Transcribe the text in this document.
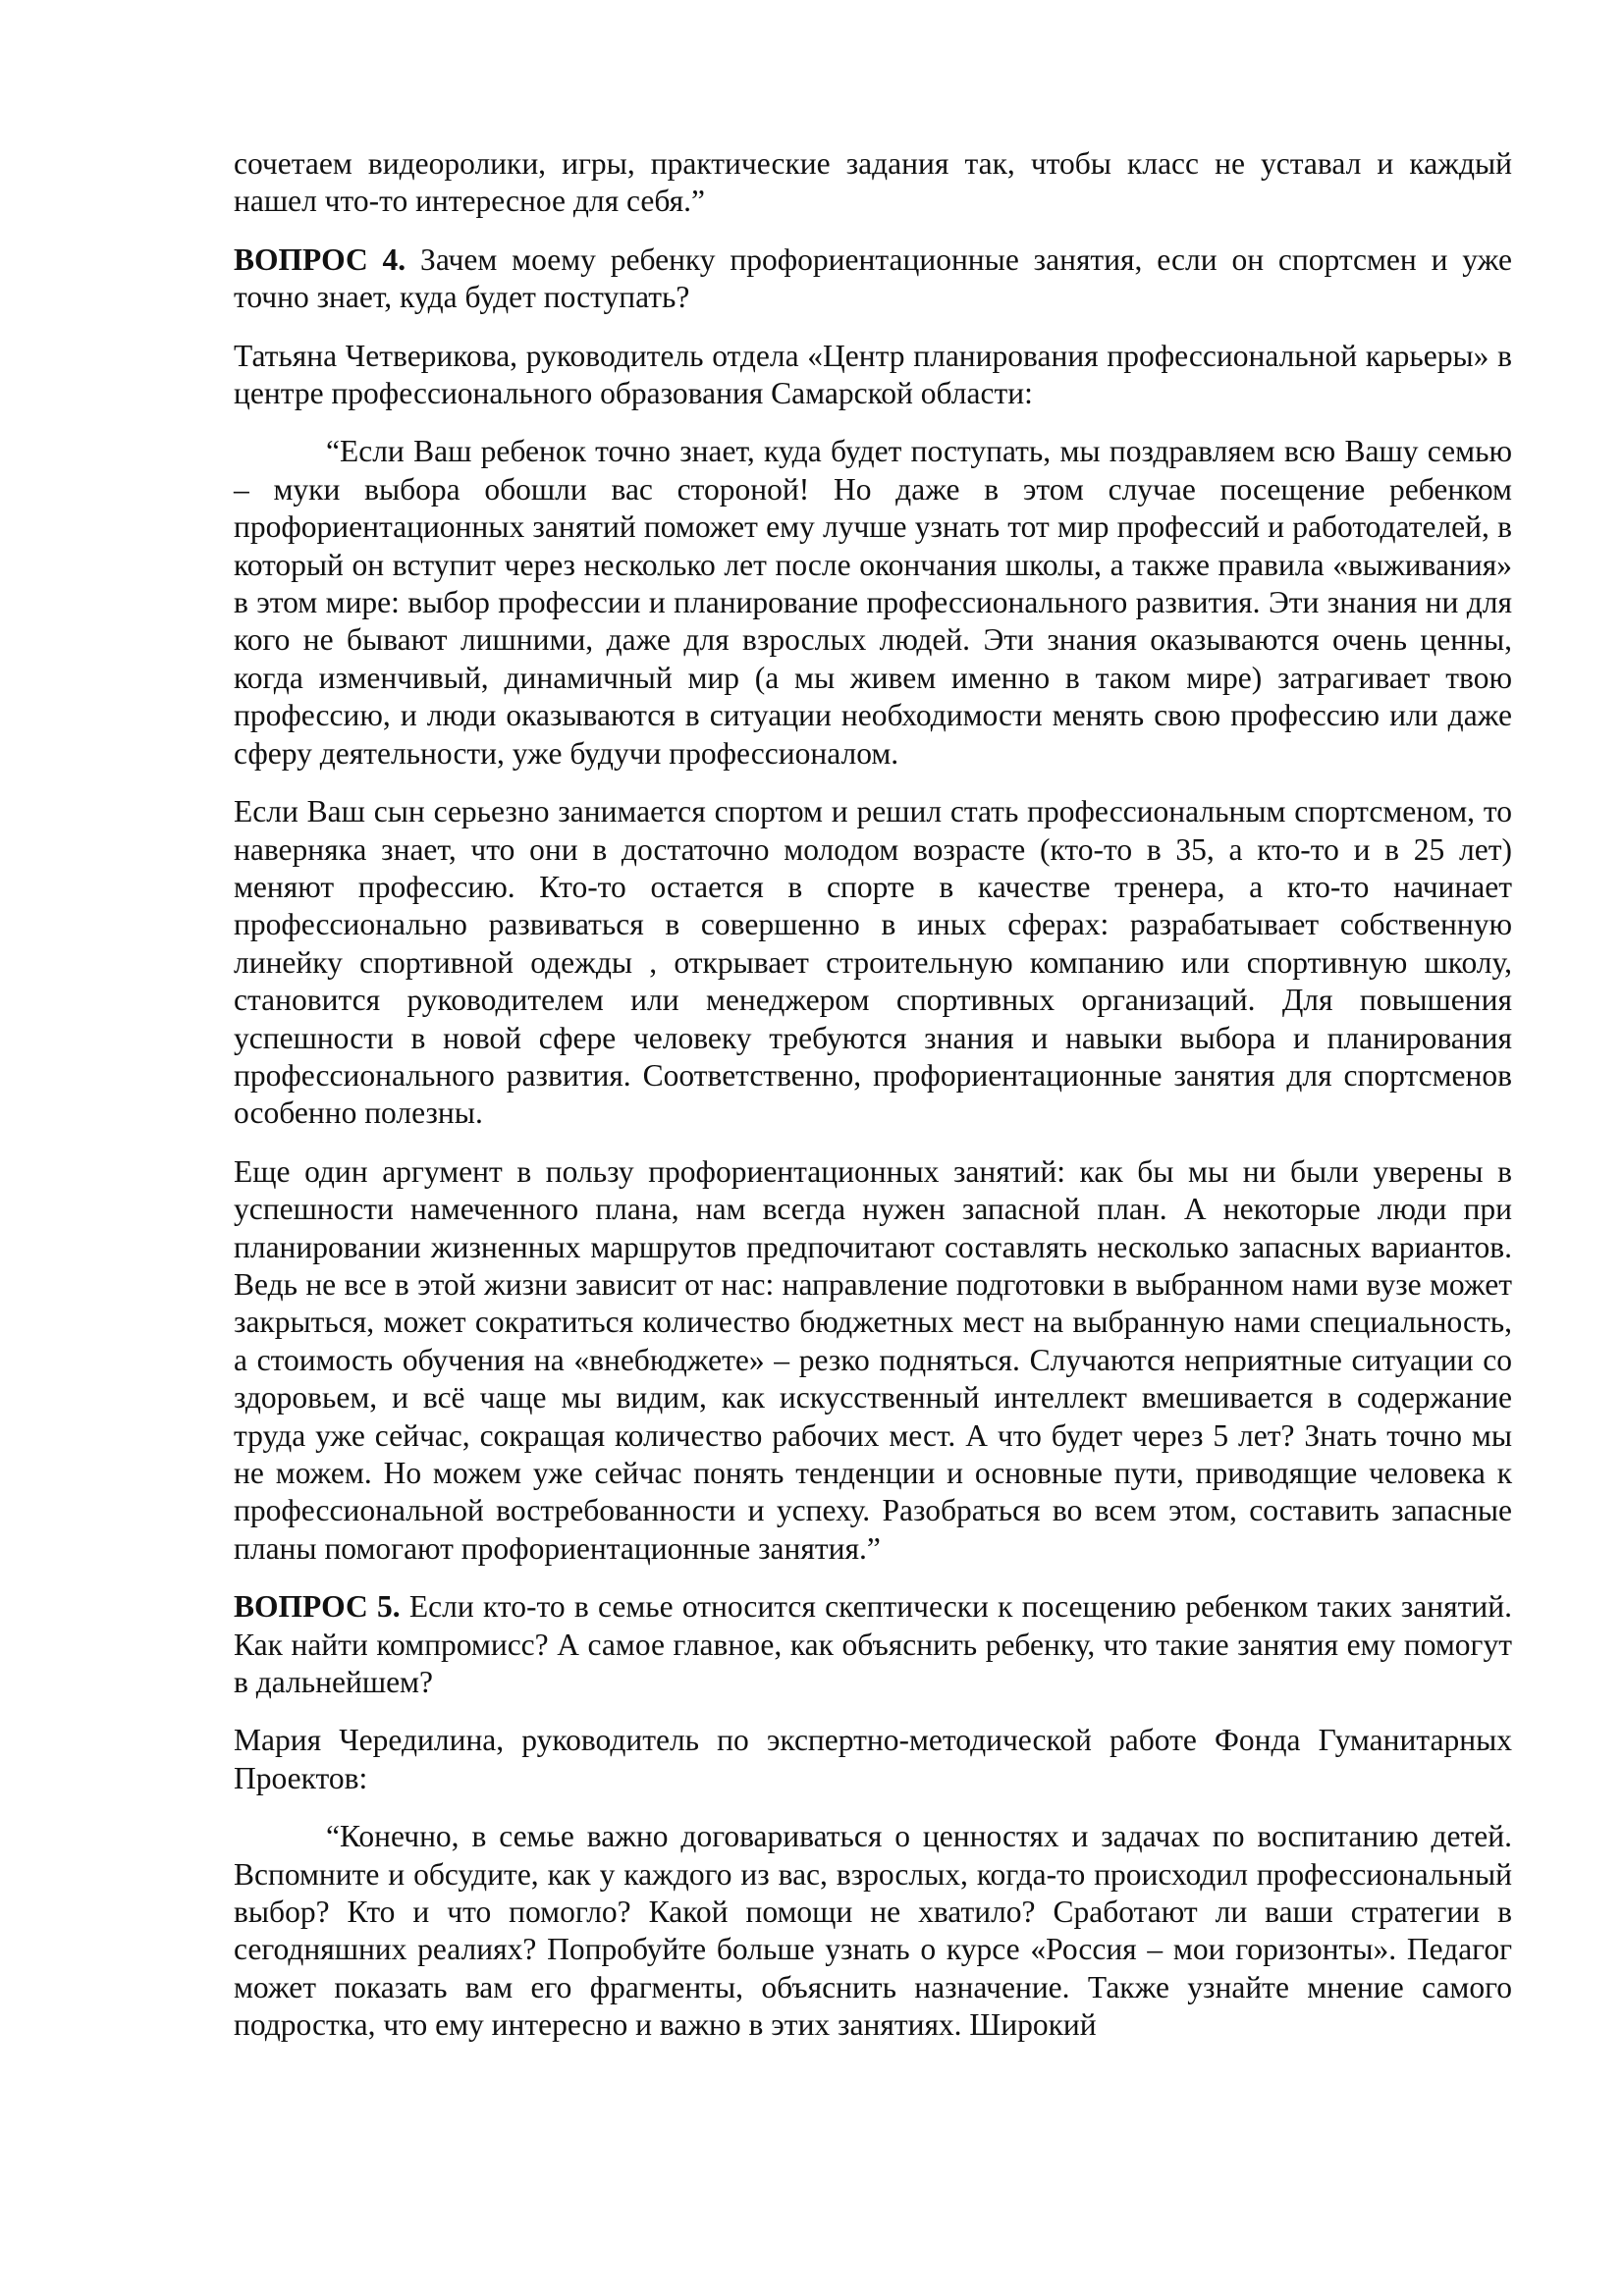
сочетаем видеоролики, игры, практические задания так, чтобы класс не уставал и каждый нашел что-то интересное для себя.”

ВОПРОС 4. Зачем моему ребенку профориентационные занятия, если он спортсмен и уже точно знает, куда будет поступать?

Татьяна Четверикова, руководитель отдела «Центр планирования профессиональной карьеры» в центре профессионального образования Самарской области:

“Если Ваш ребенок точно знает, куда будет поступать, мы поздравляем всю Вашу семью – муки выбора обошли вас стороной! Но даже в этом случае посещение ребенком профориентационных занятий поможет ему лучше узнать тот мир профессий и работодателей, в который он вступит через несколько лет после окончания школы, а также правила «выживания» в этом мире: выбор профессии и планирование профессионального развития. Эти знания ни для кого не бывают лишними, даже для взрослых людей. Эти знания оказываются очень ценны, когда изменчивый, динамичный мир (а мы живем именно в таком мире) затрагивает твою профессию, и люди оказываются в ситуации необходимости менять свою профессию или даже сферу деятельности, уже будучи профессионалом.

Если Ваш сын серьезно занимается спортом и решил стать профессиональным спортсменом, то наверняка знает, что они в достаточно молодом возрасте (кто-то в 35, а кто-то и в 25 лет) меняют профессию. Кто-то остается в спорте в качестве тренера, а кто-то начинает профессионально развиваться в совершенно в иных сферах: разрабатывает собственную линейку спортивной одежды , открывает строительную компанию или спортивную школу, становится руководителем или менеджером спортивных организаций. Для повышения успешности в новой сфере человеку требуются знания и навыки выбора и планирования профессионального развития. Соответственно, профориентационные занятия для спортсменов особенно полезны.

Еще один аргумент в пользу профориентационных занятий: как бы мы ни были уверены в успешности намеченного плана, нам всегда нужен запасной план. А некоторые люди при планировании жизненных маршрутов предпочитают составлять несколько запасных вариантов. Ведь не все в этой жизни зависит от нас: направление подготовки в выбранном нами вузе может закрыться, может сократиться количество бюджетных мест на выбранную нами специальность, а стоимость обучения на «внебюджете» – резко подняться. Случаются неприятные ситуации со здоровьем, и всё чаще мы видим, как искусственный интеллект вмешивается в содержание труда уже сейчас, сокращая количество рабочих мест. А что будет через 5 лет? Знать точно мы не можем. Но можем уже сейчас понять тенденции и основные пути, приводящие человека к профессиональной востребованности и успеху. Разобраться во всем этом, составить запасные планы помогают профориентационные занятия.”

ВОПРОС 5. Если кто-то в семье относится скептически к посещению ребенком таких занятий. Как найти компромисс? А самое главное, как объяснить ребенку, что такие занятия ему помогут в дальнейшем?

Мария Чередилина, руководитель по экспертно-методической работе Фонда Гуманитарных Проектов:

“Конечно, в семье важно договариваться о ценностях и задачах по воспитанию детей. Вспомните и обсудите, как у каждого из вас, взрослых, когда-то происходил профессиональный выбор? Кто и что помогло? Какой помощи не хватило? Сработают ли ваши стратегии в сегодняшних реалиях? Попробуйте больше узнать о курсе «Россия – мои горизонты». Педагог может показать вам его фрагменты, объяснить назначение. Также узнайте мнение самого подростка, что ему интересно и важно в этих занятиях. Широкий
